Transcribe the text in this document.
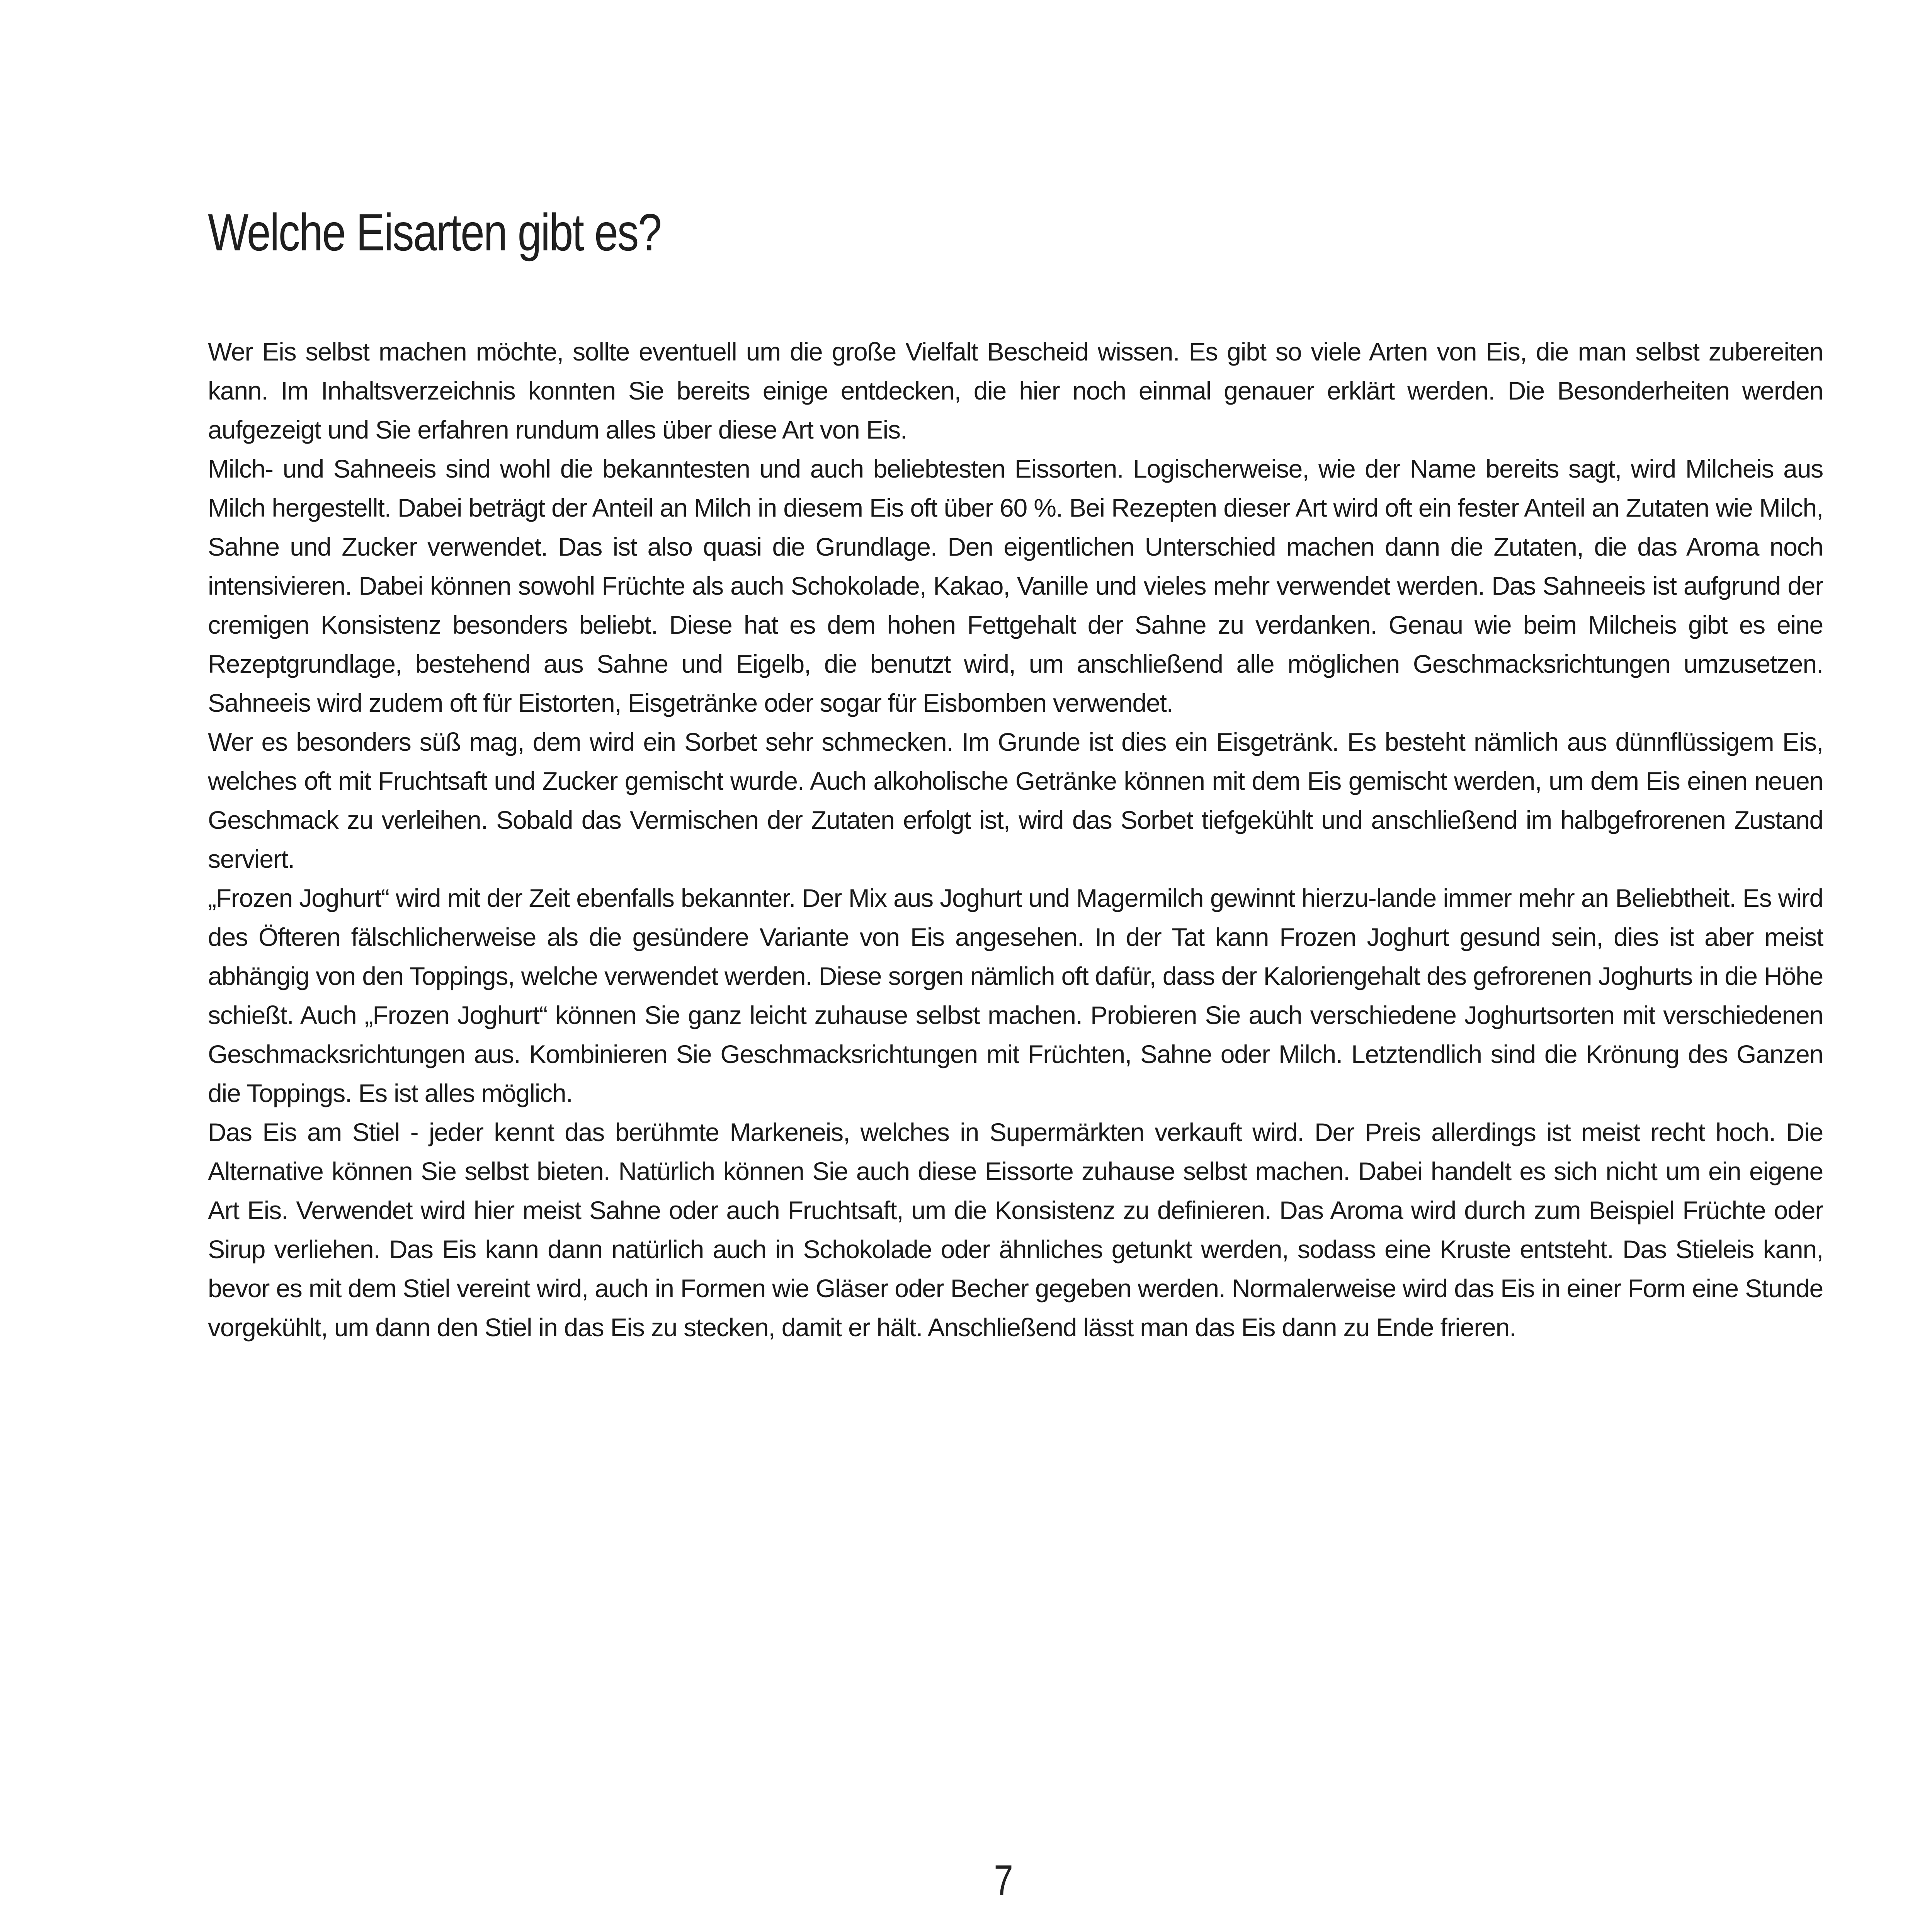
Welche Eisarten gibt es?

Wer Eis selbst machen möchte, sollte eventuell um die große Vielfalt Bescheid wissen. Es gibt so viele Arten von Eis, die man selbst zubereiten kann. Im Inhaltsverzeichnis konnten Sie bereits einige entdecken, die hier noch einmal genauer erklärt werden. Die Besonderheiten werden aufgezeigt und Sie erfahren rundum alles über diese Art von Eis.

Milch- und Sahneeis sind wohl die bekanntesten und auch beliebtesten Eissorten. Logischerweise, wie der Name bereits sagt, wird Milcheis aus Milch hergestellt. Dabei beträgt der Anteil an Milch in diesem Eis oft über 60 %. Bei Rezepten dieser Art wird oft ein fester Anteil an Zutaten wie Milch, Sahne und Zucker verwendet. Das ist also quasi die Grundlage. Den eigentlichen Unterschied machen dann die Zutaten, die das Aroma noch intensivieren. Dabei können sowohl Früchte als auch Schokolade, Kakao, Vanille und vieles mehr verwendet werden. Das Sahneeis ist aufgrund der cremigen Konsistenz besonders beliebt. Diese hat es dem hohen Fettgehalt der Sahne zu verdanken. Genau wie beim Milcheis gibt es eine Rezeptgrundlage, bestehend aus Sahne und Eigelb, die benutzt wird, um anschließend alle möglichen Geschmacksrichtungen umzusetzen. Sahneeis wird zudem oft für Eistorten, Eisgetränke oder sogar für Eisbomben verwendet.

Wer es besonders süß mag, dem wird ein Sorbet sehr schmecken. Im Grunde ist dies ein Eisgetränk. Es besteht nämlich aus dünnflüssigem Eis, welches oft mit Fruchtsaft und Zucker gemischt wurde. Auch alkoholische Getränke können mit dem Eis gemischt werden, um dem Eis einen neuen Geschmack zu verleihen. Sobald das Vermischen der Zutaten erfolgt ist, wird das Sorbet tiefgekühlt und anschließend im halbgefrorenen Zustand serviert.

„Frozen Joghurt“ wird mit der Zeit ebenfalls bekannter. Der Mix aus Joghurt und Magermilch gewinnt hierzu-lande immer mehr an Beliebtheit. Es wird des Öfteren fälschlicherweise als die gesündere Variante von Eis angesehen. In der Tat kann Frozen Joghurt gesund sein, dies ist aber meist abhängig von den Toppings, welche verwendet werden. Diese sorgen nämlich oft dafür, dass der Kaloriengehalt des gefrorenen Joghurts in die Höhe schießt. Auch „Frozen Joghurt“ können Sie ganz leicht zuhause selbst machen. Probieren Sie auch verschiedene Joghurtsorten mit verschiedenen Geschmacksrichtungen aus. Kombinieren Sie Geschmacksrichtungen mit Früchten, Sahne oder Milch. Letztendlich sind die Krönung des Ganzen die Toppings. Es ist alles möglich.

Das Eis am Stiel - jeder kennt das berühmte Markeneis, welches in Supermärkten verkauft wird. Der Preis allerdings ist meist recht hoch. Die Alternative können Sie selbst bieten. Natürlich können Sie auch diese Eissorte zuhause selbst machen. Dabei handelt es sich nicht um ein eigene Art Eis. Verwendet wird hier meist Sahne oder auch Fruchtsaft, um die Konsistenz zu definieren. Das Aroma wird durch zum Beispiel Früchte oder Sirup verliehen. Das Eis kann dann natürlich auch in Schokolade oder ähnliches getunkt werden, sodass eine Kruste entsteht. Das Stieleis kann, bevor es mit dem Stiel vereint wird, auch in Formen wie Gläser oder Becher gegeben werden. Normalerweise wird das Eis in einer Form eine Stunde vorgekühlt, um dann den Stiel in das Eis zu stecken, damit er hält. Anschließend lässt man das Eis dann zu Ende frieren.

7
